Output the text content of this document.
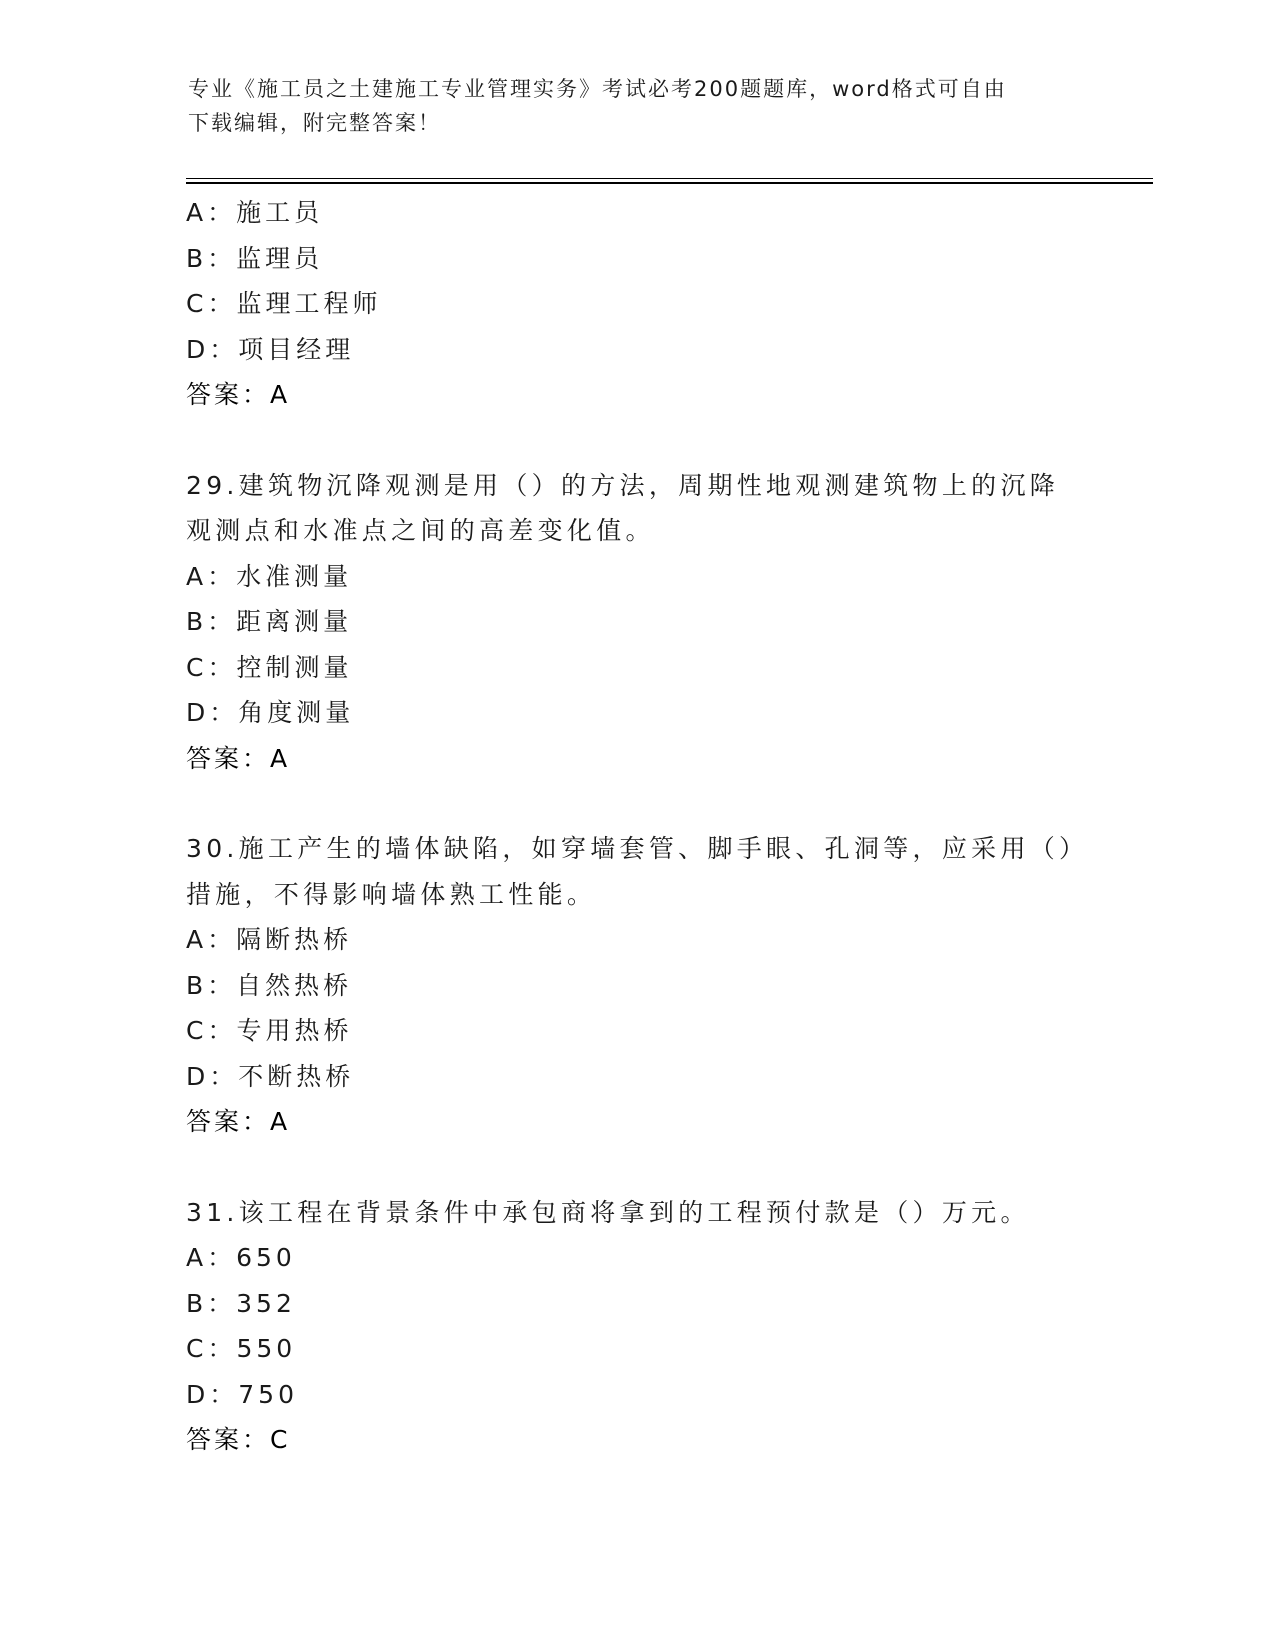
专业《施工员之土建施工专业管理实务》考试必考200题题库，word格式可自由
下载编辑，附完整答案！
A：施工员
B：监理员
C：监理工程师
D：项目经理
答案：A
29.建筑物沉降观测是用（）的方法，周期性地观测建筑物上的沉降观测点和水准点之间的高差变化值。
A：水准测量
B：距离测量
C：控制测量
D：角度测量
答案：A
30.施工产生的墙体缺陷，如穿墙套管、脚手眼、孔洞等，应采用（）措施，不得影响墙体熟工性能。
A：隔断热桥
B：自然热桥
C：专用热桥
D：不断热桥
答案：A
31.该工程在背景条件中承包商将拿到的工程预付款是（）万元。
A：650
B：352
C：550
D：750
答案：C
